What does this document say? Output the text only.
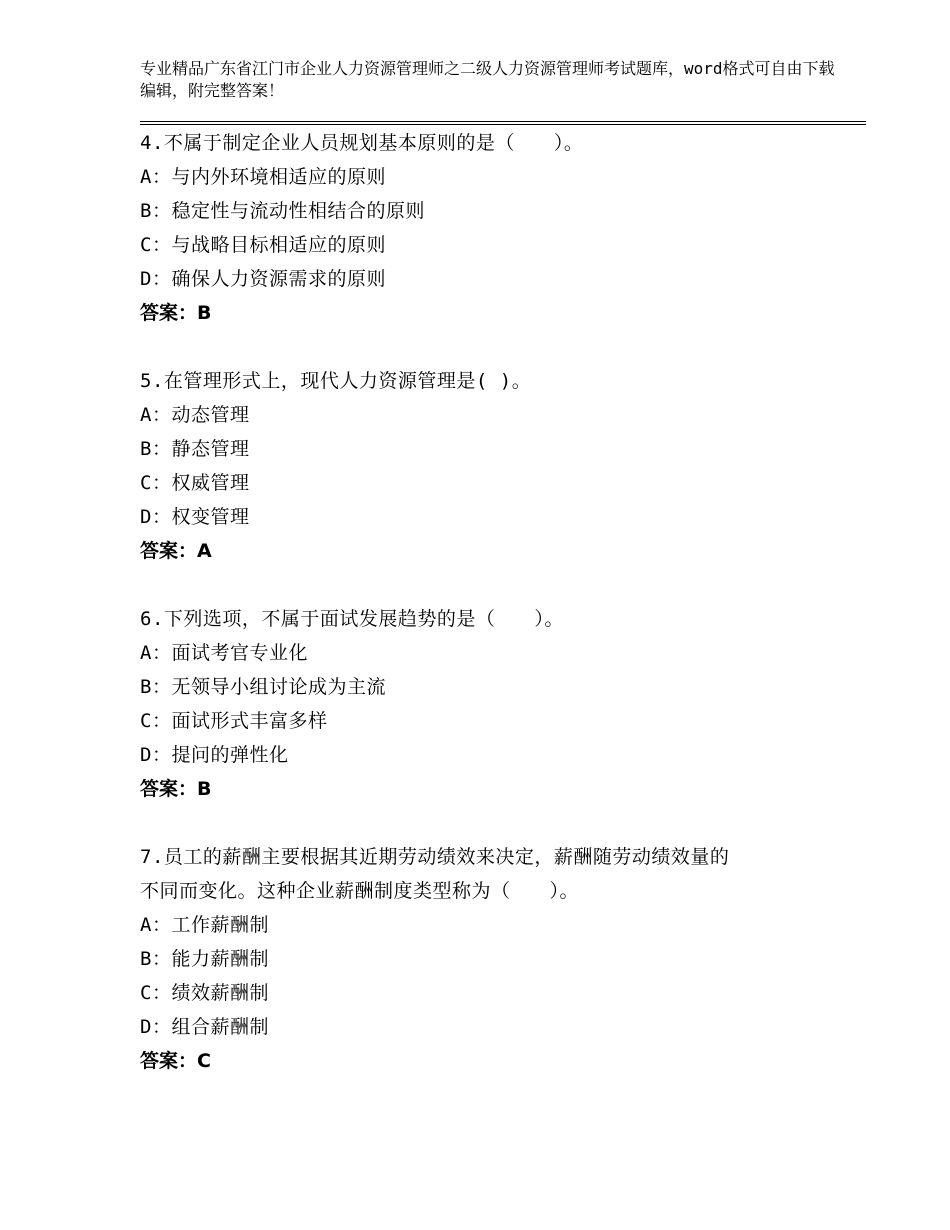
专业精品广东省江门市企业人力资源管理师之二级人力资源管理师考试题库，word格式可自由下载编辑，附完整答案！
4.不属于制定企业人员规划基本原则的是（　　）。
A：与内外环境相适应的原则
B：稳定性与流动性相结合的原则
C：与战略目标相适应的原则
D：确保人力资源需求的原则
答案：B
5.在管理形式上，现代人力资源管理是( )。
A：动态管理
B：静态管理
C：权威管理
D：权变管理
答案：A
6.下列选项，不属于面试发展趋势的是（　　）。
A：面试考官专业化
B：无领导小组讨论成为主流
C：面试形式丰富多样
D：提问的弹性化
答案：B
7.员工的薪酬主要根据其近期劳动绩效来决定，薪酬随劳动绩效量的
不同而变化。这种企业薪酬制度类型称为（　　）。
A：工作薪酬制
B：能力薪酬制
C：绩效薪酬制
D：组合薪酬制
答案：C
